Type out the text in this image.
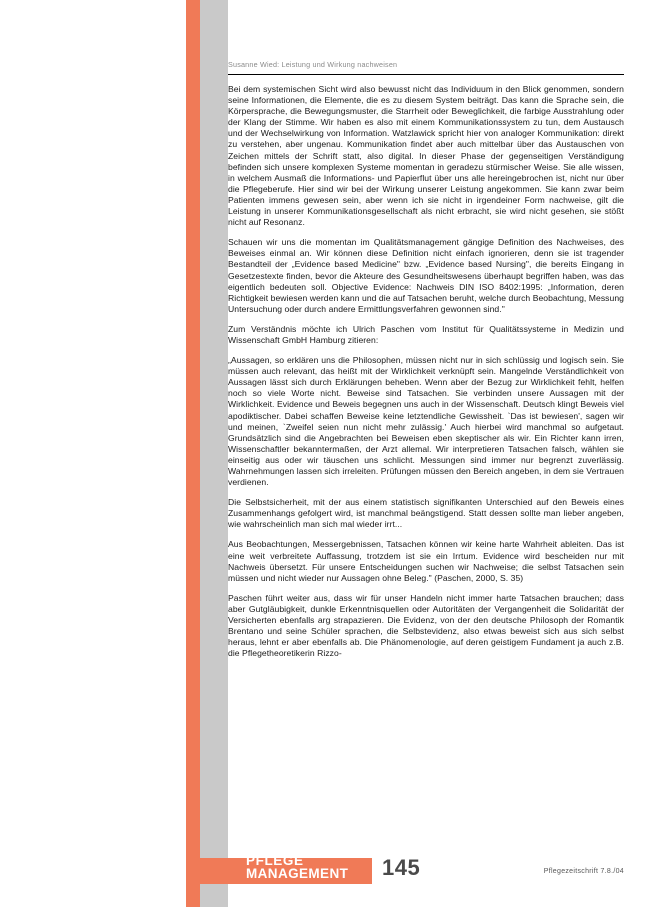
Susanne Wied: Leistung und Wirkung nachweisen

Bei dem systemischen Sicht wird also bewusst nicht das Individuum in den Blick genommen, sondern seine Informationen, die Elemente, die es zu diesem System beiträgt. Das kann die Sprache sein, die Körpersprache, die Bewegungsmuster, die Starrheit oder Beweglichkeit, die farbige Ausstrahlung oder der Klang der Stimme. Wir haben es also mit einem Kommunikationssystem zu tun, dem Austausch und der Wechselwirkung von Information. Watzlawick spricht hier von analoger Kommunikation: direkt zu verstehen, aber ungenau. Kommunikation findet aber auch mittelbar über das Austauschen von Zeichen mittels der Schrift statt, also digital. In dieser Phase der gegenseitigen Verständigung befinden sich unsere komplexen Systeme momentan in geradezu stürmischer Weise. Sie alle wissen, in welchem Ausmaß die Informations- und Papierflut über uns alle hereingebrochen ist, nicht nur über die Pflegeberufe. Hier sind wir bei der Wirkung unserer Leistung angekommen. Sie kann zwar beim Patienten immens gewesen sein, aber wenn ich sie nicht in irgendeiner Form nachweise, gilt die Leistung in unserer Kommunikationsgesellschaft als nicht erbracht, sie wird nicht gesehen, sie stößt nicht auf Resonanz.

Schauen wir uns die momentan im Qualitätsmanagement gängige Definition des Nachweises, des Beweises einmal an. Wir können diese Definition nicht einfach ignorieren, denn sie ist tragender Bestandteil der „Evidence based Medicine" bzw. „Evidence based Nursing", die bereits Eingang in Gesetzestexte finden, bevor die Akteure des Gesundheitswesens überhaupt begriffen haben, was das eigentlich bedeuten soll. Objective Evidence: Nachweis DIN ISO 8402:1995: „Information, deren Richtigkeit bewiesen werden kann und die auf Tatsachen beruht, welche durch Beobachtung, Messung Untersuchung oder durch andere Ermittlungsverfahren gewonnen sind."

Zum Verständnis möchte ich Ulrich Paschen vom Institut für Qualitätssysteme in Medizin und Wissenschaft GmbH Hamburg zitieren:

„Aussagen, so erklären uns die Philosophen, müssen nicht nur in sich schlüssig und logisch sein. Sie müssen auch relevant, das heißt mit der Wirklichkeit verknüpft sein. Mangelnde Verständlichkeit von Aussagen lässt sich durch Erklärungen beheben. Wenn aber der Bezug zur Wirklichkeit fehlt, helfen noch so viele Worte nicht. Beweise sind Tatsachen. Sie verbinden unsere Aussagen mit der Wirklichkeit. Evidence und Beweis begegnen uns auch in der Wissenschaft. Deutsch klingt Beweis viel apodiktischer. Dabei schaffen Beweise keine letztendliche Gewissheit. `Das ist bewiesen', sagen wir und meinen, `Zweifel seien nun nicht mehr zulässig.' Auch hierbei wird manchmal so aufgetaut. Grundsätzlich sind die Angebrachten bei Beweisen eben skeptischer als wir. Ein Richter kann irren, Wissenschaftler bekanntermaßen, der Arzt allemal. Wir interpretieren Tatsachen falsch, wählen sie einseitig aus oder wir täuschen uns schlicht. Messungen sind immer nur begrenzt zuverlässig. Wahrnehmungen lassen sich irreleiten. Prüfungen müssen den Bereich angeben, in dem sie Vertrauen verdienen.

Die Selbstsicherheit, mit der aus einem statistisch signifikanten Unterschied auf den Beweis eines Zusammenhangs gefolgert wird, ist manchmal beängstigend. Statt dessen sollte man lieber angeben, wie wahrscheinlich man sich mal wieder irrt...

Aus Beobachtungen, Messergebnissen, Tatsachen können wir keine harte Wahrheit ableiten. Das ist eine weit verbreitete Auffassung, trotzdem ist sie ein Irrtum. Evidence wird bescheiden nur mit Nachweis übersetzt. Für unsere Entscheidungen suchen wir Nachweise; die selbst Tatsachen sein müssen und nicht wieder nur Aussagen ohne Beleg." (Paschen, 2000, S. 35)

Paschen führt weiter aus, dass wir für unser Handeln nicht immer harte Tatsachen brauchen; dass aber Gutgläubigkeit, dunkle Erkenntnisquellen oder Autoritäten der Vergangenheit die Solidarität der Versicherten ebenfalls arg strapazieren. Die Evidenz, von der den deutsche Philosoph der Romantik Brentano und seine Schüler sprachen, die Selbstevidenz, also etwas beweist sich aus sich selbst heraus, lehnt er aber ebenfalls ab. Die Phänomenologie, auf deren geistigem Fundament ja auch z.B. die Pflegetheoretikerin Rizzo-

PFLEGE
MANAGEMENT	145	Pflegezeitschrift 7.8./04
